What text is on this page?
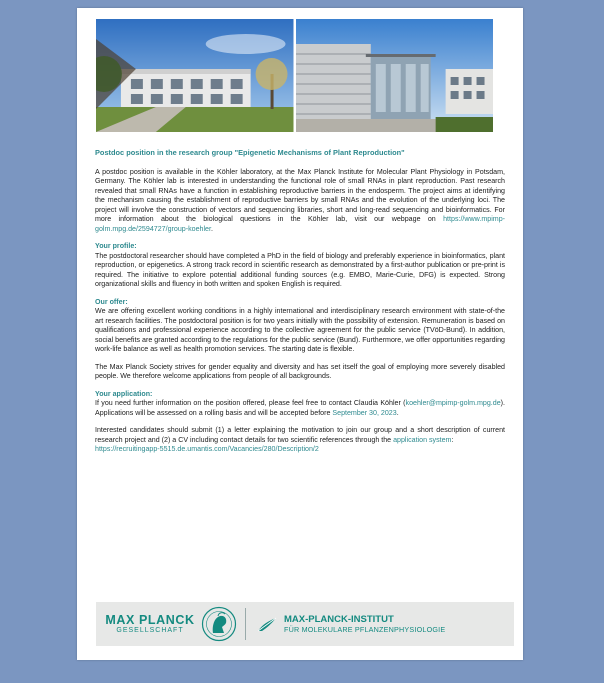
Postdoc position in the research group "Epigenetic Mechanisms of Plant Reproduction"

A postdoc position is available in the Köhler laboratory, at the Max Planck Institute for Molecular Plant Physiology in Potsdam, Germany. The Köhler lab is interested in understanding the functional role of small RNAs in plant reproduction. Past research revealed that small RNAs have a function in establishing reproductive barriers in the endosperm. The project aims at identifying the mechanism causing the establishment of reproductive barriers by small RNAs and the evolution of the underlying loci. The project will involve the construction of vectors and sequencing libraries, short and long-read sequencing and bioinformatics. For more information about the biological questions in the Köhler lab, visit our webpage on https://www.mpimp-golm.mpg.de/2594727/group-koehler.

Your profile:

The postdoctoral researcher should have completed a PhD in the field of biology and preferably experience in bioinformatics, plant reproduction, or epigenetics. A strong track record in scientific research as demonstrated by a first-author publication or pre-print is required. The initiative to explore potential additional funding sources (e.g. EMBO, Marie-Curie, DFG) is expected. Strong organizational skills and fluency in both written and spoken English is required.

Our offer:

We are offering excellent working conditions in a highly international and interdisciplinary research environment with state-of-the art research facilities. The postdoctoral position is for two years initially with the possibility of extension. Remuneration is based on qualifications and professional experience according to the collective agreement for the public service (TVöD-Bund). In addition, social benefits are granted according to the regulations for the public service (Bund). Furthermore, we offer opportunities regarding work-life balance as well as health promotion services. The starting date is flexible.

The Max Planck Society strives for gender equality and diversity and has set itself the goal of employing more severely disabled people. We therefore welcome applications from people of all backgrounds.

Your application:

If you need further information on the position offered, please feel free to contact Claudia Köhler (koehler@mpimp-golm.mpg.de). Applications will be assessed on a rolling basis and will be accepted before September 30, 2023.

Interested candidates should submit (1) a letter explaining the motivation to join our group and a short description of current research project and (2) a CV including contact details for two scientific references through the application system:
https://recruitingapp-5515.de.umantis.com/Vacancies/280/Description/2

MAX PLANCK
GESELLSCHAFT
MAX-PLANCK-INSTITUT
FÜR MOLEKULARE PFLANZENPHYSIOLOGIE
